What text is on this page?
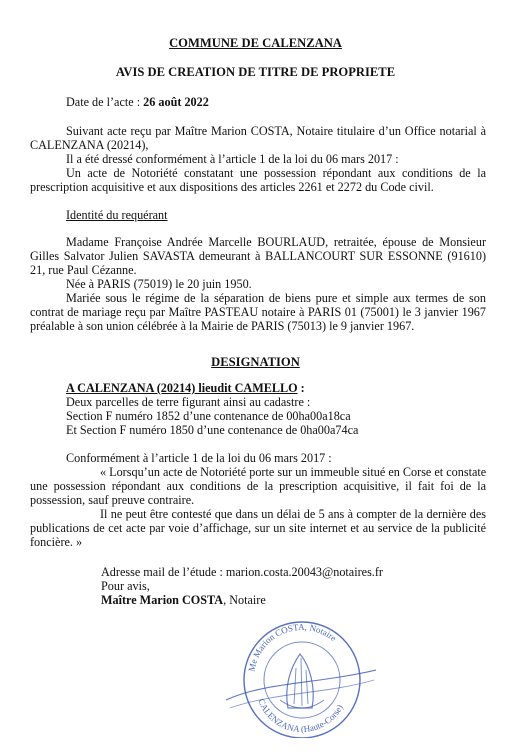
COMMUNE DE CALENZANA
AVIS DE CREATION DE TITRE DE PROPRIETE
Date de l’acte : 26 août 2022
Suivant acte reçu par Maître Marion COSTA, Notaire titulaire d’un Office notarial à
CALENZANA (20214),
Il a été dressé conformément à l’article 1 de la loi du 06 mars 2017 :
Un acte de Notoriété constatant une possession répondant aux conditions de la
prescription acquisitive et aux dispositions des articles 2261 et 2272 du Code civil.
Identité du requérant
Madame Françoise Andrée Marcelle BOURLAUD, retraitée, épouse de Monsieur
Gilles Salvator Julien SAVASTA demeurant à BALLANCOURT SUR ESSONNE (91610)
21, rue Paul Cézanne.
Née à PARIS (75019) le 20 juin 1950.
Mariée sous le régime de la séparation de biens pure et simple aux termes de son
contrat de mariage reçu par Maître PASTEAU notaire à PARIS 01 (75001) le 3 janvier 1967
préalable à son union célébrée à la Mairie de PARIS (75013) le 9 janvier 1967.
DESIGNATION
A CALENZANA (20214) lieudit CAMELLO :
Deux parcelles de terre figurant ainsi au cadastre :
Section F numéro 1852 d’une contenance de 00ha00a18ca
Et Section F numéro 1850 d’une contenance de 0ha00a74ca
Conformément à l’article 1 de la loi du 06 mars 2017 :
« Lorsqu’un acte de Notoriété porte sur un immeuble situé en Corse et constate
une possession répondant aux conditions de la prescription acquisitive, il fait foi de la
possession, sauf preuve contraire.
Il ne peut être contesté que dans un délai de 5 ans à compter de la dernière des
publications de cet acte par voie d’affichage, sur un site internet et au service de la publicité
foncière. »
Adresse mail de l’étude : marion.costa.20043@notaires.fr
Pour avis,
Maître Marion COSTA, Notaire
Me Marion COSTA, Notaire
CALENZANA (Haute-Corse)
